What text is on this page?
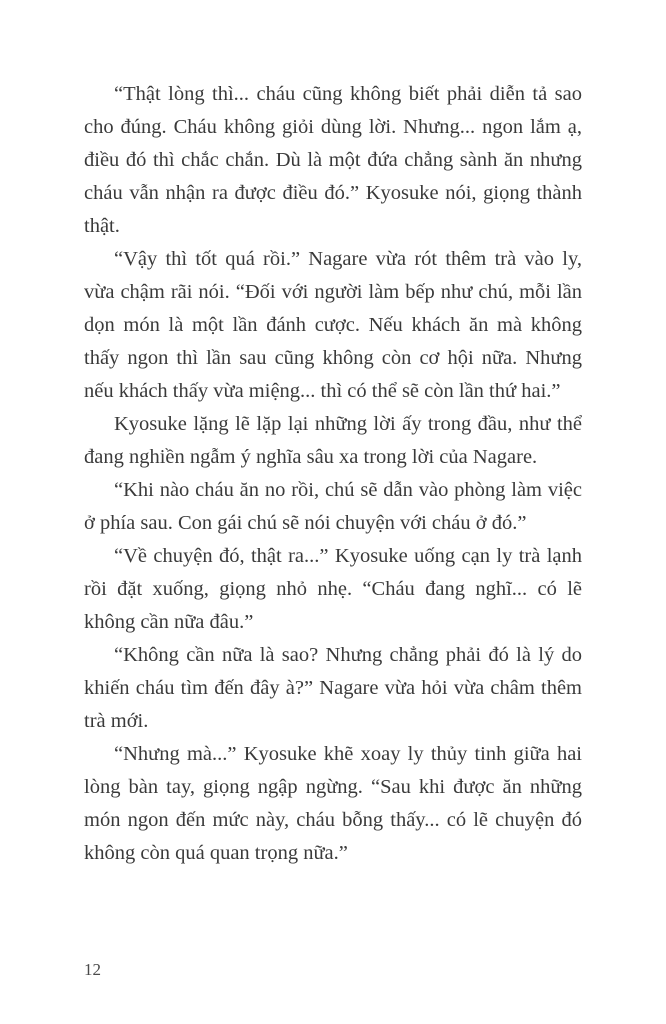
“Thật lòng thì... cháu cũng không biết phải diễn tả sao cho đúng. Cháu không giỏi dùng lời. Nhưng... ngon lắm ạ, điều đó thì chắc chắn. Dù là một đứa chẳng sành ăn nhưng cháu vẫn nhận ra được điều đó.” Kyosuke nói, giọng thành thật.

“Vậy thì tốt quá rồi.” Nagare vừa rót thêm trà vào ly, vừa chậm rãi nói. “Đối với người làm bếp như chú, mỗi lần dọn món là một lần đánh cược. Nếu khách ăn mà không thấy ngon thì lần sau cũng không còn cơ hội nữa. Nhưng nếu khách thấy vừa miệng... thì có thể sẽ còn lần thứ hai.”

Kyosuke lặng lẽ lặp lại những lời ấy trong đầu, như thể đang nghiền ngẫm ý nghĩa sâu xa trong lời của Nagare.

“Khi nào cháu ăn no rồi, chú sẽ dẫn vào phòng làm việc ở phía sau. Con gái chú sẽ nói chuyện với cháu ở đó.”

“Về chuyện đó, thật ra...” Kyosuke uống cạn ly trà lạnh rồi đặt xuống, giọng nhỏ nhẹ. “Cháu đang nghĩ... có lẽ không cần nữa đâu.”

“Không cần nữa là sao? Nhưng chẳng phải đó là lý do khiến cháu tìm đến đây à?” Nagare vừa hỏi vừa châm thêm trà mới.

“Nhưng mà...” Kyosuke khẽ xoay ly thủy tinh giữa hai lòng bàn tay, giọng ngập ngừng. “Sau khi được ăn những món ngon đến mức này, cháu bỗng thấy... có lẽ chuyện đó không còn quá quan trọng nữa.”

12
